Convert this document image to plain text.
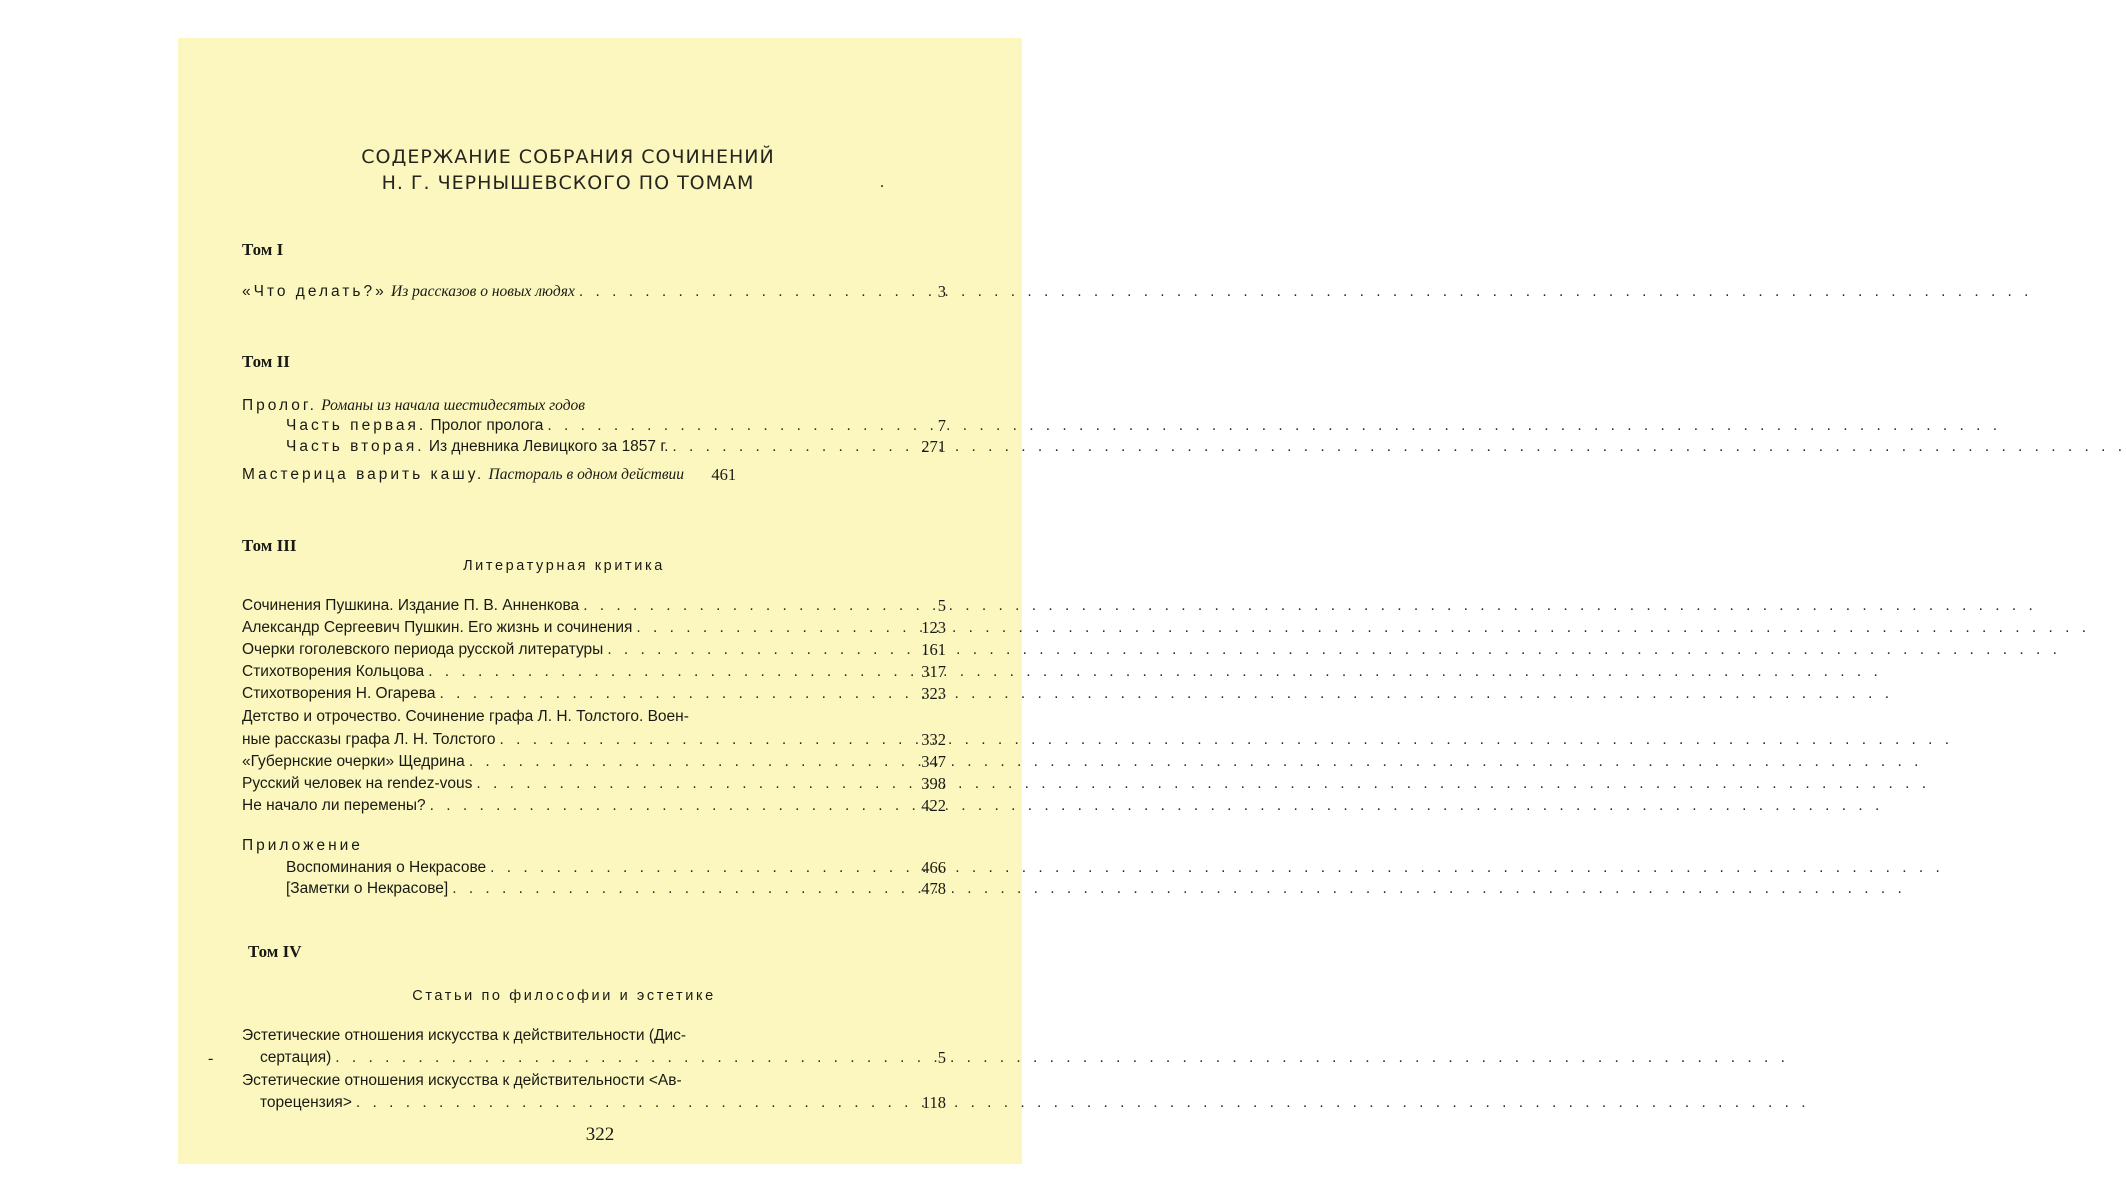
СОДЕРЖАНИЕ СОБРАНИЯ СОЧИНЕНИЙ
Н. Г. ЧЕРНЫШЕВСКОГО ПО ТОМАМ	.
Том I
«Что делать?» Из рассказов о новых людях . . .	3
Том II
Пролог. Романы из начала шестидесятых годов
Часть первая. Пролог пролога . . .	7
Часть вторая. Из дневника Левицкого за 1857 г. . . .	271
Мастерица варить кашу. Пастораль в одном действии	461
Том III
Литературная критика
Сочинения Пушкина. Издание П. В. Анненкова . . .	5
Александр Сергеевич Пушкин. Его жизнь и сочинения . . .	123
Очерки гоголевского периода русской литературы . . .	161
Стихотворения Кольцова . . .	317
Стихотворения Н. Огарева . . .	323
Детство и отрочество. Сочинение графа Л. Н. Толстого. Воен-
ные рассказы графа Л. Н. Толстого . . .	332
«Губернские очерки» Щедрина . . .	347
Русский человек на rendez-vous . . .	398
Не начало ли перемены? . . .	422
Приложение
Воспоминания о Некрасове . . .	466
[Заметки о Некрасове] . . .	478
Том IV
Статьи по философии и эстетике
Эстетические отношения искусства к действительности (Дис-
сертация) . . .	5
Эстетические отношения искусства к действительности <Ав-
торецензия> . . .	118
-
322
